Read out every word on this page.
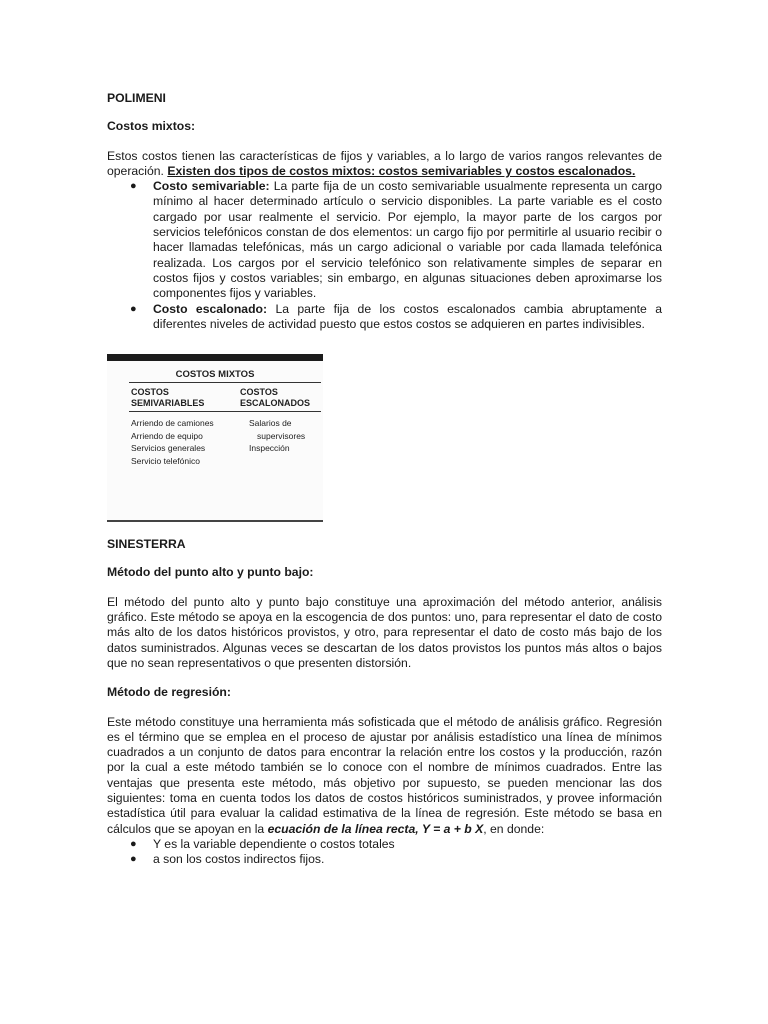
POLIMENI

Costos mixtos:

Estos costos tienen las características de fijos y variables, a lo largo de varios rangos relevantes de operación. Existen dos tipos de costos mixtos: costos semivariables y costos escalonados.

● Costo semivariable: La parte fija de un costo semivariable usualmente representa un cargo mínimo al hacer determinado artículo o servicio disponibles. La parte variable es el costo cargado por usar realmente el servicio. Por ejemplo, la mayor parte de los cargos por servicios telefónicos constan de dos elementos: un cargo fijo por permitirle al usuario recibir o hacer llamadas telefónicas, más un cargo adicional o variable por cada llamada telefónica realizada. Los cargos por el servicio telefónico son relativamente simples de separar en costos fijos y costos variables; sin embargo, en algunas situaciones deben aproximarse los componentes fijos y variables.
● Costo escalonado: La parte fija de los costos escalonados cambia abruptamente a diferentes niveles de actividad puesto que estos costos se adquieren en partes indivisibles.
COSTOS MIXTOS
COSTOS
SEMIVARIABLES
COSTOS
ESCALONADOS
Arriendo de camiones
Arriendo de equipo
Servicios generales
Servicio telefónico
Salarios de
supervisores
Inspección

SINESTERRA

Método del punto alto y punto bajo:

El método del punto alto y punto bajo constituye una aproximación del método anterior, análisis gráfico. Este método se apoya en la escogencia de dos puntos: uno, para representar el dato de costo más alto de los datos históricos provistos, y otro, para representar el dato de costo más bajo de los datos suministrados. Algunas veces se descartan de los datos provistos los puntos más altos o bajos que no sean representativos o que presenten distorsión.

Método de regresión:

Este método constituye una herramienta más sofisticada que el método de análisis gráfico. Regresión es el término que se emplea en el proceso de ajustar por análisis estadístico una línea de mínimos cuadrados a un conjunto de datos para encontrar la relación entre los costos y la producción, razón por la cual a este método también se lo conoce con el nombre de mínimos cuadrados. Entre las ventajas que presenta este método, más objetivo por supuesto, se pueden mencionar las dos siguientes: toma en cuenta todos los datos de costos históricos suministrados, y provee información estadística útil para evaluar la calidad estimativa de la línea de regresión. Este método se basa en cálculos que se apoyan en la ecuación de la línea recta, Y = a + b X, en donde:

● Y es la variable dependiente o costos totales
● a son los costos indirectos fijos.
